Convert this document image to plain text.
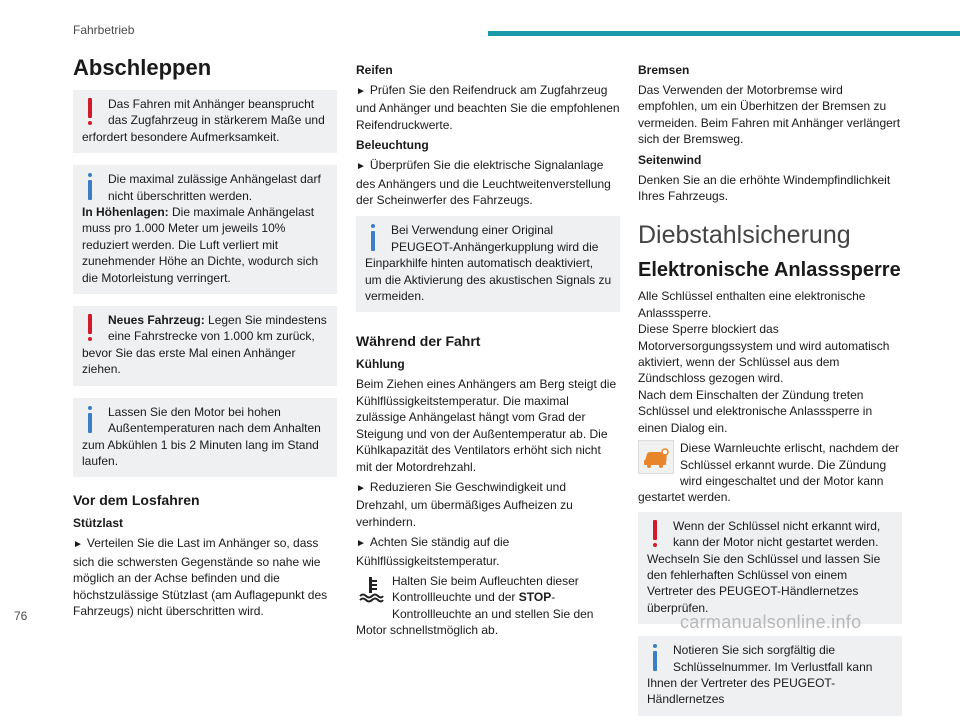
Fahrbetrieb
Abschleppen
Das Fahren mit Anhänger beansprucht das Zugfahrzeug in stärkerem Maße und erfordert besondere Aufmerksamkeit.
Die maximal zulässige Anhängelast darf nicht überschritten werden.
In Höhenlagen: Die maximale Anhängelast muss pro 1.000 Meter um jeweils 10% reduziert werden. Die Luft verliert mit zunehmender Höhe an Dichte, wodurch sich die Motorleistung verringert.
Neues Fahrzeug: Legen Sie mindestens eine Fahrstrecke von 1.000 km zurück, bevor Sie das erste Mal einen Anhänger ziehen.
Lassen Sie den Motor bei hohen Außentemperaturen nach dem Anhalten zum Abkühlen 1 bis 2 Minuten lang im Stand laufen.
Vor dem Losfahren
Stützlast

► Verteilen Sie die Last im Anhänger so, dass sich die schwersten Gegenstände so nahe wie möglich an der Achse befinden und die höchstzulässige Stützlast (am Auflagepunkt des Fahrzeugs) nicht überschritten wird.

Reifen

► Prüfen Sie den Reifendruck am Zugfahrzeug und Anhänger und beachten Sie die empfohlenen Reifendruckwerte.

Beleuchtung

► Überprüfen Sie die elektrische Signalanlage des Anhängers und die Leuchtweitenverstellung der Scheinwerfer des Fahrzeugs.

Bei Verwendung einer Original PEUGEOT-Anhängerkupplung wird die Einparkhilfe hinten automatisch deaktiviert, um die Aktivierung des akustischen Signals zu vermeiden.
Während der Fahrt
Kühlung

Beim Ziehen eines Anhängers am Berg steigt die Kühlflüssigkeitstemperatur. Die maximal zulässige Anhängelast hängt vom Grad der Steigung und von der Außentemperatur ab. Die Kühlkapazität des Ventilators erhöht sich nicht mit der Motordrehzahl.

► Reduzieren Sie Geschwindigkeit und Drehzahl, um übermäßiges Aufheizen zu verhindern.

► Achten Sie ständig auf die Kühlflüssigkeitstemperatur.

Halten Sie beim Aufleuchten dieser Kontrollleuchte und der STOP-Kontrollleuchte an und stellen Sie den Motor schnellstmöglich ab.
Bremsen

Das Verwenden der Motorbremse wird empfohlen, um ein Überhitzen der Bremsen zu vermeiden. Beim Fahren mit Anhänger verlängert sich der Bremsweg.

Seitenwind

Denken Sie an die erhöhte Windempfindlichkeit Ihres Fahrzeugs.

Diebstahlsicherung
Elektronische Anlasssperre

Alle Schlüssel enthalten eine elektronische Anlasssperre.

Diese Sperre blockiert das Motorversorgungssystem und wird automatisch aktiviert, wenn der Schlüssel aus dem Zündschloss gezogen wird.

Nach dem Einschalten der Zündung treten Schlüssel und elektronische Anlasssperre in einen Dialog ein.

Diese Warnleuchte erlischt, nachdem der Schlüssel erkannt wurde. Die Zündung wird eingeschaltet und der Motor kann gestartet werden.
Wenn der Schlüssel nicht erkannt wird, kann der Motor nicht gestartet werden. Wechseln Sie den Schlüssel und lassen Sie den fehlerhaften Schlüssel von einem Vertreter des PEUGEOT-Händlernetzes überprüfen.
Notieren Sie sich sorgfältig die Schlüsselnummer. Im Verlustfall kann Ihnen der Vertreter des PEUGEOT-Händlernetzes
76	carmanualsonline.info
